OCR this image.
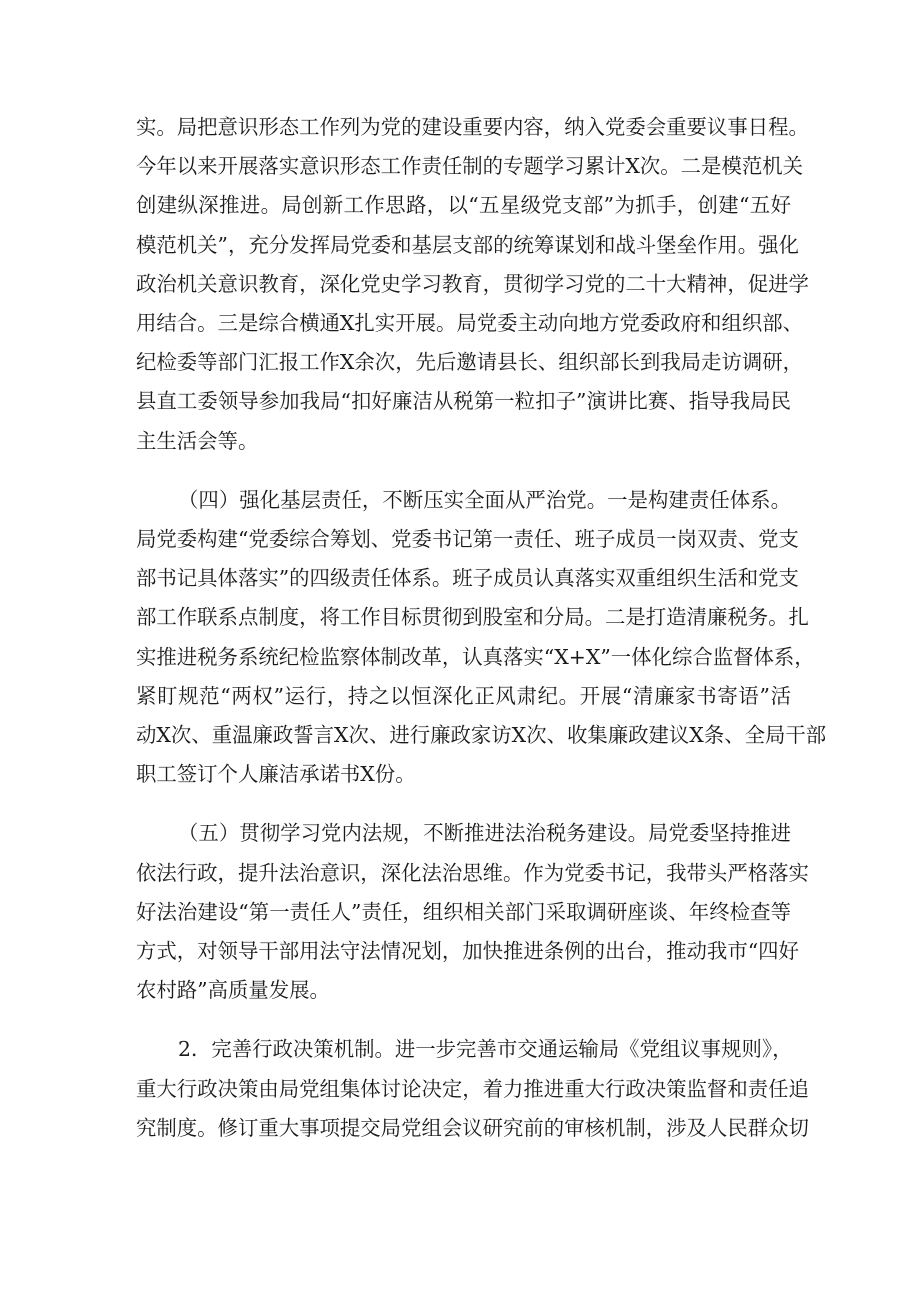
实。局把意识形态工作列为党的建设重要内容，纳入党委会重要议事日程。
今年以来开展落实意识形态工作责任制的专题学习累计X次。二是模范机关
创建纵深推进。局创新工作思路，以“五星级党支部”为抓手，创建“五好
模范机关”，充分发挥局党委和基层支部的统筹谋划和战斗堡垒作用。强化
政治机关意识教育，深化党史学习教育，贯彻学习党的二十大精神，促进学
用结合。三是综合横通X扎实开展。局党委主动向地方党委政府和组织部、
纪检委等部门汇报工作X余次，先后邀请县长、组织部长到我局走访调研，
县直工委领导参加我局“扣好廉洁从税第一粒扣子”演讲比赛、指导我局民
主生活会等。

（四）强化基层责任，不断压实全面从严治党。一是构建责任体系。
局党委构建“党委综合筹划、党委书记第一责任、班子成员一岗双责、党支
部书记具体落实”的四级责任体系。班子成员认真落实双重组织生活和党支
部工作联系点制度，将工作目标贯彻到股室和分局。二是打造清廉税务。扎
实推进税务系统纪检监察体制改革，认真落实“X+X”一体化综合监督体系，
紧盯规范“两权”运行，持之以恒深化正风肃纪。开展“清廉家书寄语”活
动X次、重温廉政誓言X次、进行廉政家访X次、收集廉政建议X条、全局干部
职工签订个人廉洁承诺书X份。

（五）贯彻学习党内法规，不断推进法治税务建设。局党委坚持推进
依法行政，提升法治意识，深化法治思维。作为党委书记，我带头严格落实
好法治建设“第一责任人”责任，组织相关部门采取调研座谈、年终检查等
方式，对领导干部用法守法情况划，加快推进条例的出台，推动我市“四好
农村路”高质量发展。

2．完善行政决策机制。进一步完善市交通运输局《党组议事规则》，
重大行政决策由局党组集体讨论决定，着力推进重大行政决策监督和责任追
究制度。修订重大事项提交局党组会议研究前的审核机制，涉及人民群众切
